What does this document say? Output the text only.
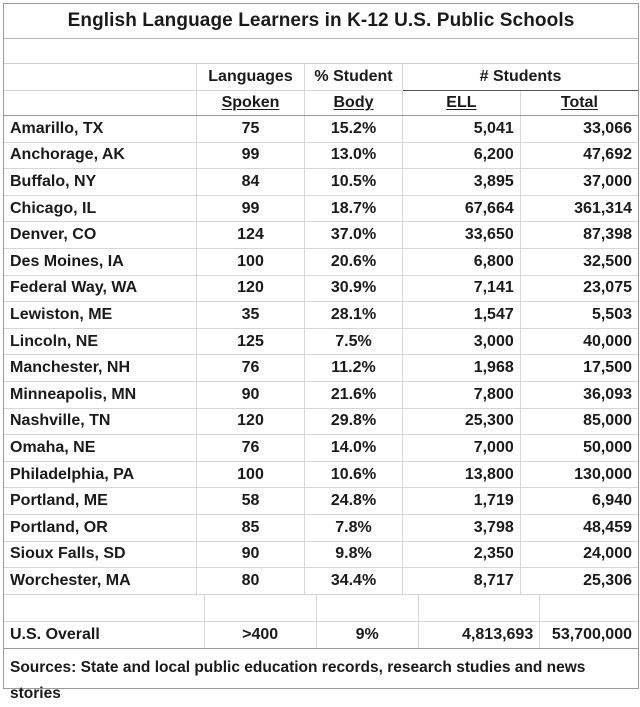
English Language Learners in K-12 U.S. Public Schools
	Languages	% Student	# Students	
	Spoken	Body	ELL	Total
Amarillo, TX	75	15.2%	5,041	33,066
Anchorage, AK	99	13.0%	6,200	47,692
Buffalo, NY	84	10.5%	3,895	37,000
Chicago, IL	99	18.7%	67,664	361,314
Denver, CO	124	37.0%	33,650	87,398
Des Moines, IA	100	20.6%	6,800	32,500
Federal Way, WA	120	30.9%	7,141	23,075
Lewiston, ME	35	28.1%	1,547	5,503
Lincoln, NE	125	7.5%	3,000	40,000
Manchester, NH	76	11.2%	1,968	17,500
Minneapolis, MN	90	21.6%	7,800	36,093
Nashville, TN	120	29.8%	25,300	85,000
Omaha, NE	76	14.0%	7,000	50,000
Philadelphia, PA	100	10.6%	13,800	130,000
Portland, ME	58	24.8%	1,719	6,940
Portland, OR	85	7.8%	3,798	48,459
Sioux Falls, SD	90	9.8%	2,350	24,000
Worchester, MA	80	34.4%	8,717	25,306

U.S. Overall	>400	9%	4,813,693	53,700,000
Sources: State and local public education records, research studies and news stories
